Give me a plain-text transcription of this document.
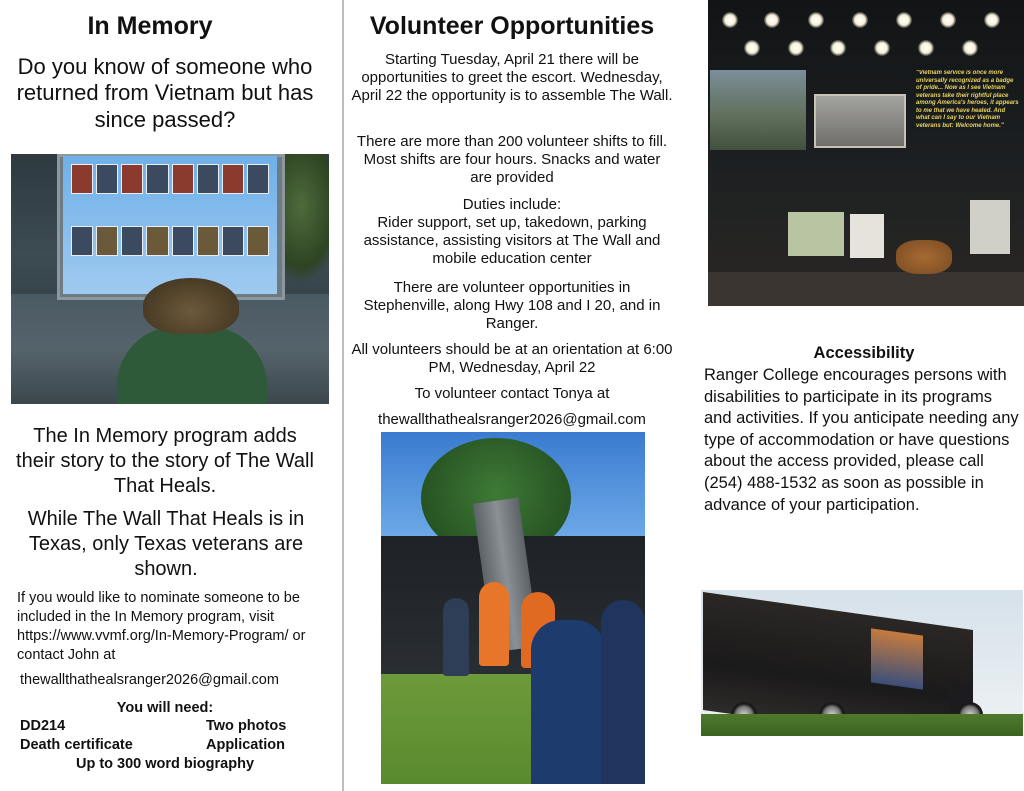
In Memory

Do you know of someone who returned from Vietnam but has since passed?

The In Memory program adds their story to the story of The Wall That Heals.

While The Wall That Heals is in Texas, only Texas veterans are shown.

If you would like to nominate someone to be included in the In Memory program, visit https://www.vvmf.org/In-Memory-Program/ or contact John at

thewallthathealsranger2026@gmail.com

You will need:

DD214	Two photos
Death certificate	Application
Up to 300 word biography
Volunteer Opportunities

Starting Tuesday, April 21 there will be opportunities to greet the escort. Wednesday, April 22 the opportunity is to assemble The Wall.

There are more than 200 volunteer shifts to fill. Most shifts are four hours. Snacks and water are provided

Duties include:
Rider support, set up, takedown, parking assistance, assisting visitors at The Wall and mobile education center

There are volunteer opportunities in Stephenville, along Hwy 108 and I 20, and in Ranger.

All volunteers should be at an orientation at 6:00 PM, Wednesday, April 22

To volunteer contact Tonya at

thewallthathealsranger2026@gmail.com

"Vietnam service is once more universally recognized as a badge of pride... Now as I see Vietnam veterans take their rightful place among America's heroes, it appears to me that we have healed. And what can I say to our Vietnam veterans but: Welcome home."

Accessibility

Ranger College encourages persons with disabilities to participate in its programs and activities. If you anticipate needing any type of accommodation or have questions about the access provided, please call (254) 488-1532 as soon as possible in advance of your participation.
